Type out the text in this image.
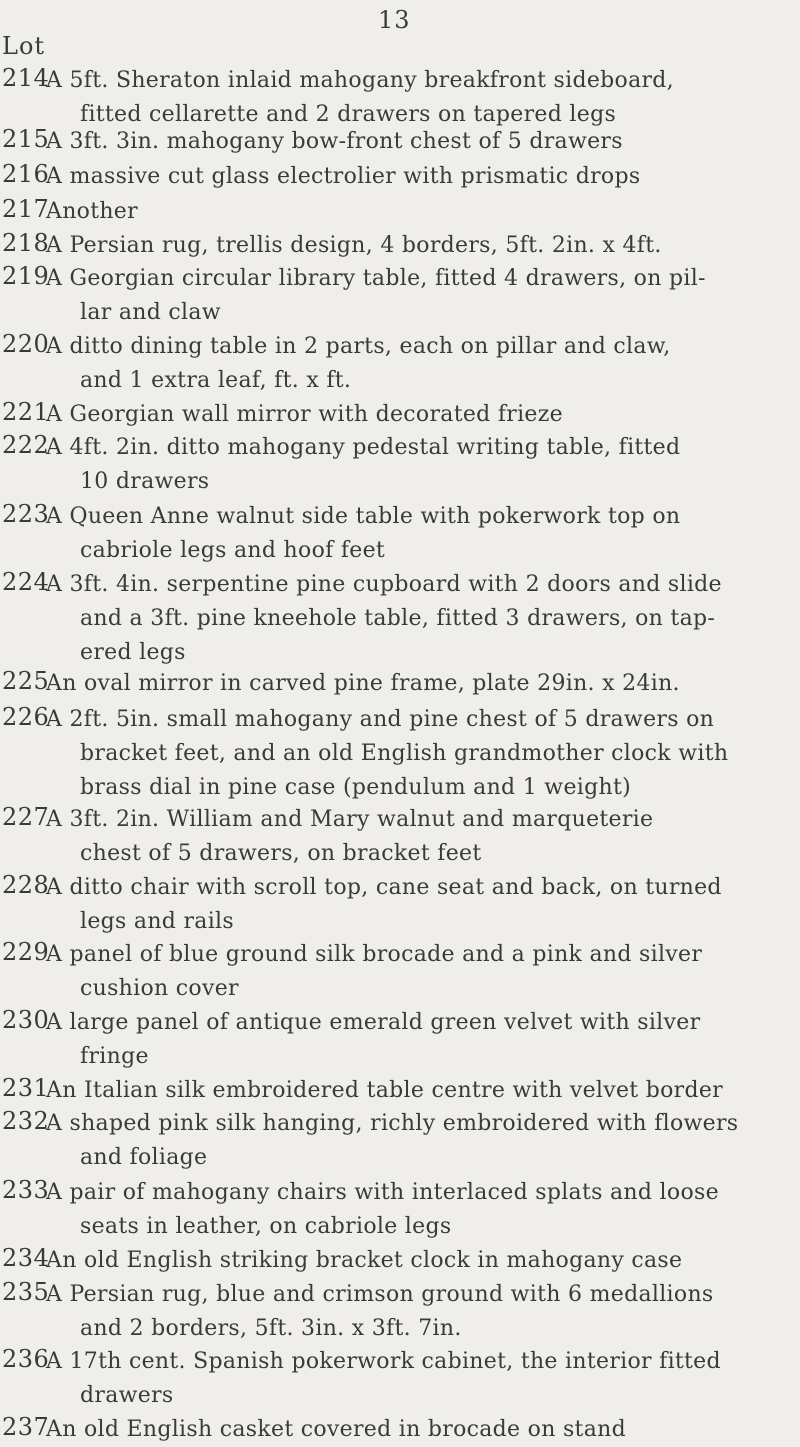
13
Lot
214
A 5ft. Sheraton inlaid mahogany breakfront sideboard,
fitted cellarette and 2 drawers on tapered legs
215
A 3ft. 3in. mahogany bow-front chest of 5 drawers
216
A massive cut glass electrolier with prismatic drops
217
Another
218
A Persian rug, trellis design, 4 borders, 5ft. 2in. x 4ft.
219
A Georgian circular library table, fitted 4 drawers, on pil-
lar and claw
220
A ditto dining table in 2 parts, each on pillar and claw,
and 1 extra leaf, ft. x ft.
221
A Georgian wall mirror with decorated frieze
222
A 4ft. 2in. ditto mahogany pedestal writing table, fitted
10 drawers
223
A Queen Anne walnut side table with pokerwork top on
cabriole legs and hoof feet
224
A 3ft. 4in. serpentine pine cupboard with 2 doors and slide
and a 3ft. pine kneehole table, fitted 3 drawers, on tap-
ered legs
225
An oval mirror in carved pine frame, plate 29in. x 24in.
226
A 2ft. 5in. small mahogany and pine chest of 5 drawers on
bracket feet, and an old English grandmother clock with
brass dial in pine case (pendulum and 1 weight)
227
A 3ft. 2in. William and Mary walnut and marqueterie
chest of 5 drawers, on bracket feet
228
A ditto chair with scroll top, cane seat and back, on turned
legs and rails
229
A panel of blue ground silk brocade and a pink and silver
cushion cover
230
A large panel of antique emerald green velvet with silver
fringe
231
An Italian silk embroidered table centre with velvet border
232
A shaped pink silk hanging, richly embroidered with flowers
and foliage
233
A pair of mahogany chairs with interlaced splats and loose
seats in leather, on cabriole legs
234
An old English striking bracket clock in mahogany case
235
A Persian rug, blue and crimson ground with 6 medallions
and 2 borders, 5ft. 3in. x 3ft. 7in.
236
A 17th cent. Spanish pokerwork cabinet, the interior fitted
drawers
237
An old English casket covered in brocade on stand
